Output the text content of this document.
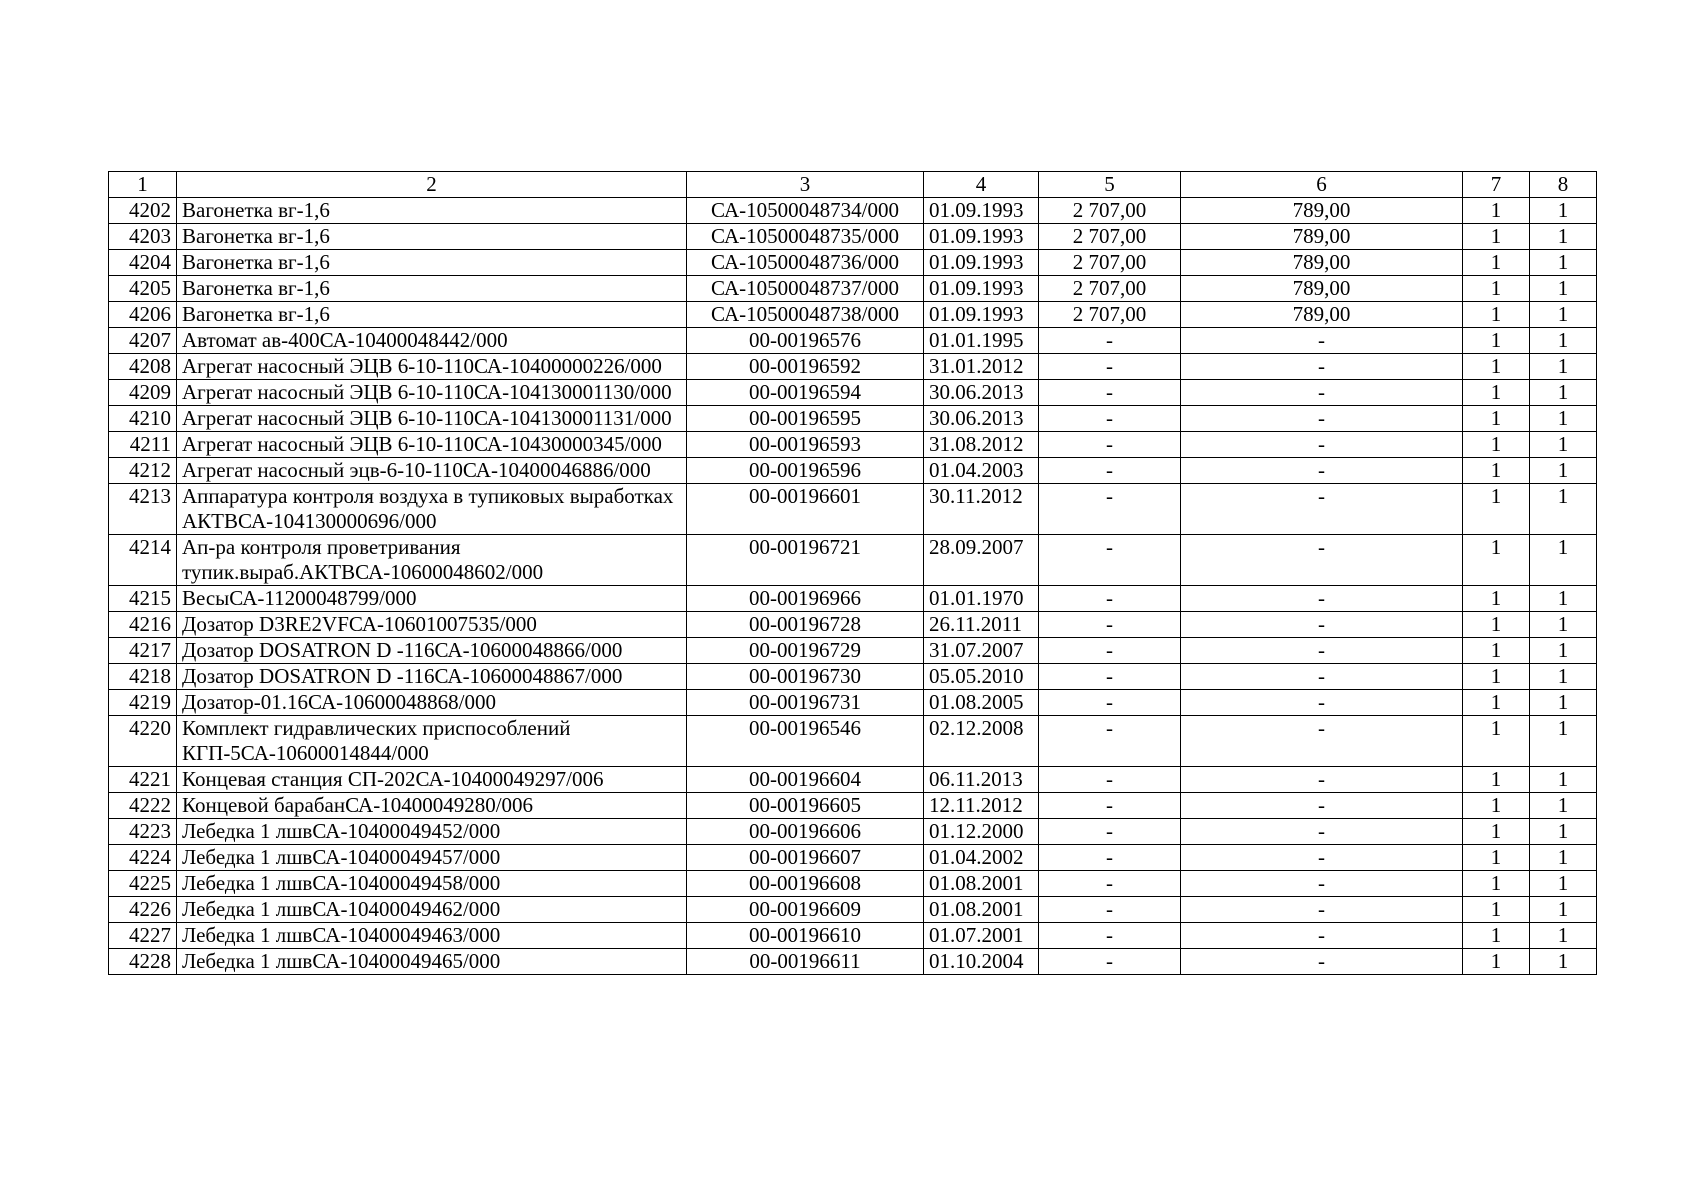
1	2	3	4	5	6	7	8
4202	Вагонетка вг-1,6	СА-10500048734/000	01.09.1993	2 707,00	789,00	1	1
4203	Вагонетка вг-1,6	СА-10500048735/000	01.09.1993	2 707,00	789,00	1	1
4204	Вагонетка вг-1,6	СА-10500048736/000	01.09.1993	2 707,00	789,00	1	1
4205	Вагонетка вг-1,6	СА-10500048737/000	01.09.1993	2 707,00	789,00	1	1
4206	Вагонетка вг-1,6	СА-10500048738/000	01.09.1993	2 707,00	789,00	1	1
4207	Автомат ав-400СА-10400048442/000	00-00196576	01.01.1995	-	-	1	1
4208	Агрегат насосный ЭЦВ 6-10-110СА-10400000226/000	00-00196592	31.01.2012	-	-	1	1
4209	Агрегат насосный ЭЦВ 6-10-110СА-104130001130/000	00-00196594	30.06.2013	-	-	1	1
4210	Агрегат насосный ЭЦВ 6-10-110СА-104130001131/000	00-00196595	30.06.2013	-	-	1	1
4211	Агрегат насосный ЭЦВ 6-10-110СА-10430000345/000	00-00196593	31.08.2012	-	-	1	1
4212	Агрегат насосный эцв-6-10-110СА-10400046886/000	00-00196596	01.04.2003	-	-	1	1
4213	Аппаратура контроля воздуха в тупиковых выработках АКТВСА-104130000696/000	00-00196601	30.11.2012	-	-	1	1
4214	Ап-ра контроля проветривания тупик.выраб.АКТВСА-10600048602/000	00-00196721	28.09.2007	-	-	1	1
4215	ВесыСА-11200048799/000	00-00196966	01.01.1970	-	-	1	1
4216	Дозатор D3RE2VFСА-10601007535/000	00-00196728	26.11.2011	-	-	1	1
4217	Дозатор DOSATRON D -116СА-10600048866/000	00-00196729	31.07.2007	-	-	1	1
4218	Дозатор DOSATRON D -116СА-10600048867/000	00-00196730	05.05.2010	-	-	1	1
4219	Дозатор-01.16СА-10600048868/000	00-00196731	01.08.2005	-	-	1	1
4220	Комплект гидравлических приспособлений КГП-5СА-10600014844/000	00-00196546	02.12.2008	-	-	1	1
4221	Концевая станция СП-202СА-10400049297/006	00-00196604	06.11.2013	-	-	1	1
4222	Концевой барабанСА-10400049280/006	00-00196605	12.11.2012	-	-	1	1
4223	Лебедка 1 лшвСА-10400049452/000	00-00196606	01.12.2000	-	-	1	1
4224	Лебедка 1 лшвСА-10400049457/000	00-00196607	01.04.2002	-	-	1	1
4225	Лебедка 1 лшвСА-10400049458/000	00-00196608	01.08.2001	-	-	1	1
4226	Лебедка 1 лшвСА-10400049462/000	00-00196609	01.08.2001	-	-	1	1
4227	Лебедка 1 лшвСА-10400049463/000	00-00196610	01.07.2001	-	-	1	1
4228	Лебедка 1 лшвСА-10400049465/000	00-00196611	01.10.2004	-	-	1	1
